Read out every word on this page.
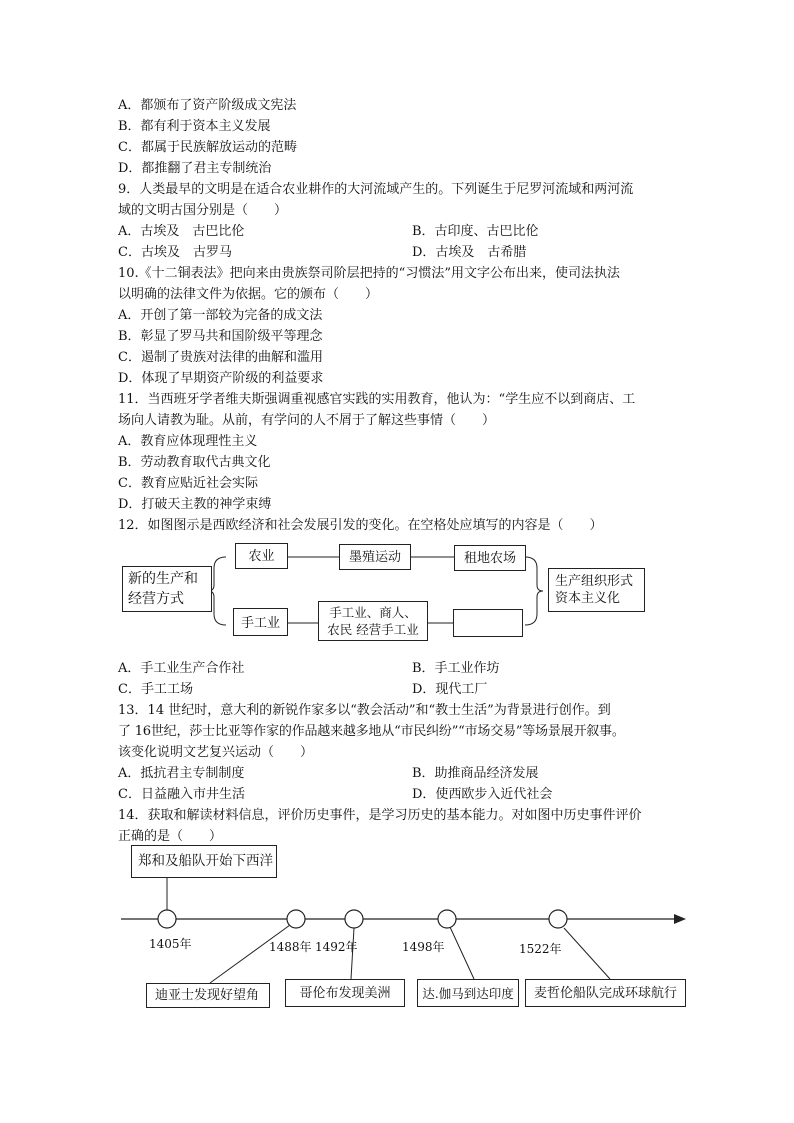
A．都颁布了资产阶级成文宪法
B．都有利于资本主义发展
C．都属于民族解放运动的范畴
D．都推翻了君主专制统治
9．人类最早的文明是在适合农业耕作的大河流域产生的。下列诞生于尼罗河流域和两河流
域的文明古国分别是（　　）
A．古埃及　古巴比伦	B．古印度、古巴比伦
C．古埃及　古罗马	D．古埃及　古希腊
10.《十二铜表法》把向来由贵族祭司阶层把持的“习惯法”用文字公布出来，使司法执法
以明确的法律文件为依据。它的颁布（　　）
A．开创了第一部较为完备的成文法
B．彰显了罗马共和国阶级平等理念
C．遏制了贵族对法律的曲解和滥用
D．体现了早期资产阶级的利益要求
11．当西班牙学者维夫斯强调重视感官实践的实用教育，他认为：“学生应不以到商店、工
场向人请教为耻。从前，有学问的人不屑于了解这些事情（　　）
A．教育应体现理性主义
B．劳动教育取代古典文化
C．教育应贴近社会实际
D．打破天主教的神学束缚
12．如图图示是西欧经济和社会发展引发的变化。在空格处应填写的内容是（　　）
新的生产和
经营方式
农业	墨殖运动	租地农场
手工业
手工业、商人、
农民 经营手工业
生产组织形式
资本主义化
A．手工业生产合作社	B．手工业作坊
C．手工工场	D．现代工厂
13．14 世纪时，意大利的新锐作家多以“教会活动”和“教士生活”为背景进行创作。到
了 16世纪，莎士比亚等作家的作品越来越多地从“市民纠纷”“市场交易”等场景展开叙事。
该变化说明文艺复兴运动（　　）
A．抵抗君主专制制度	B．助推商品经济发展
C．日益融入市井生活	D．使西欧步入近代社会
14．获取和解读材料信息，评价历史事件，是学习历史的基本能力。对如图中历史事件评价
正确的是（　　）
1405年	1488年 1492年	1498年	1522年
郑和及船队开始下西洋
迪亚士发现好望角	哥伦布发现美洲	达.伽马到达印度	麦哲伦船队完成环球航行
